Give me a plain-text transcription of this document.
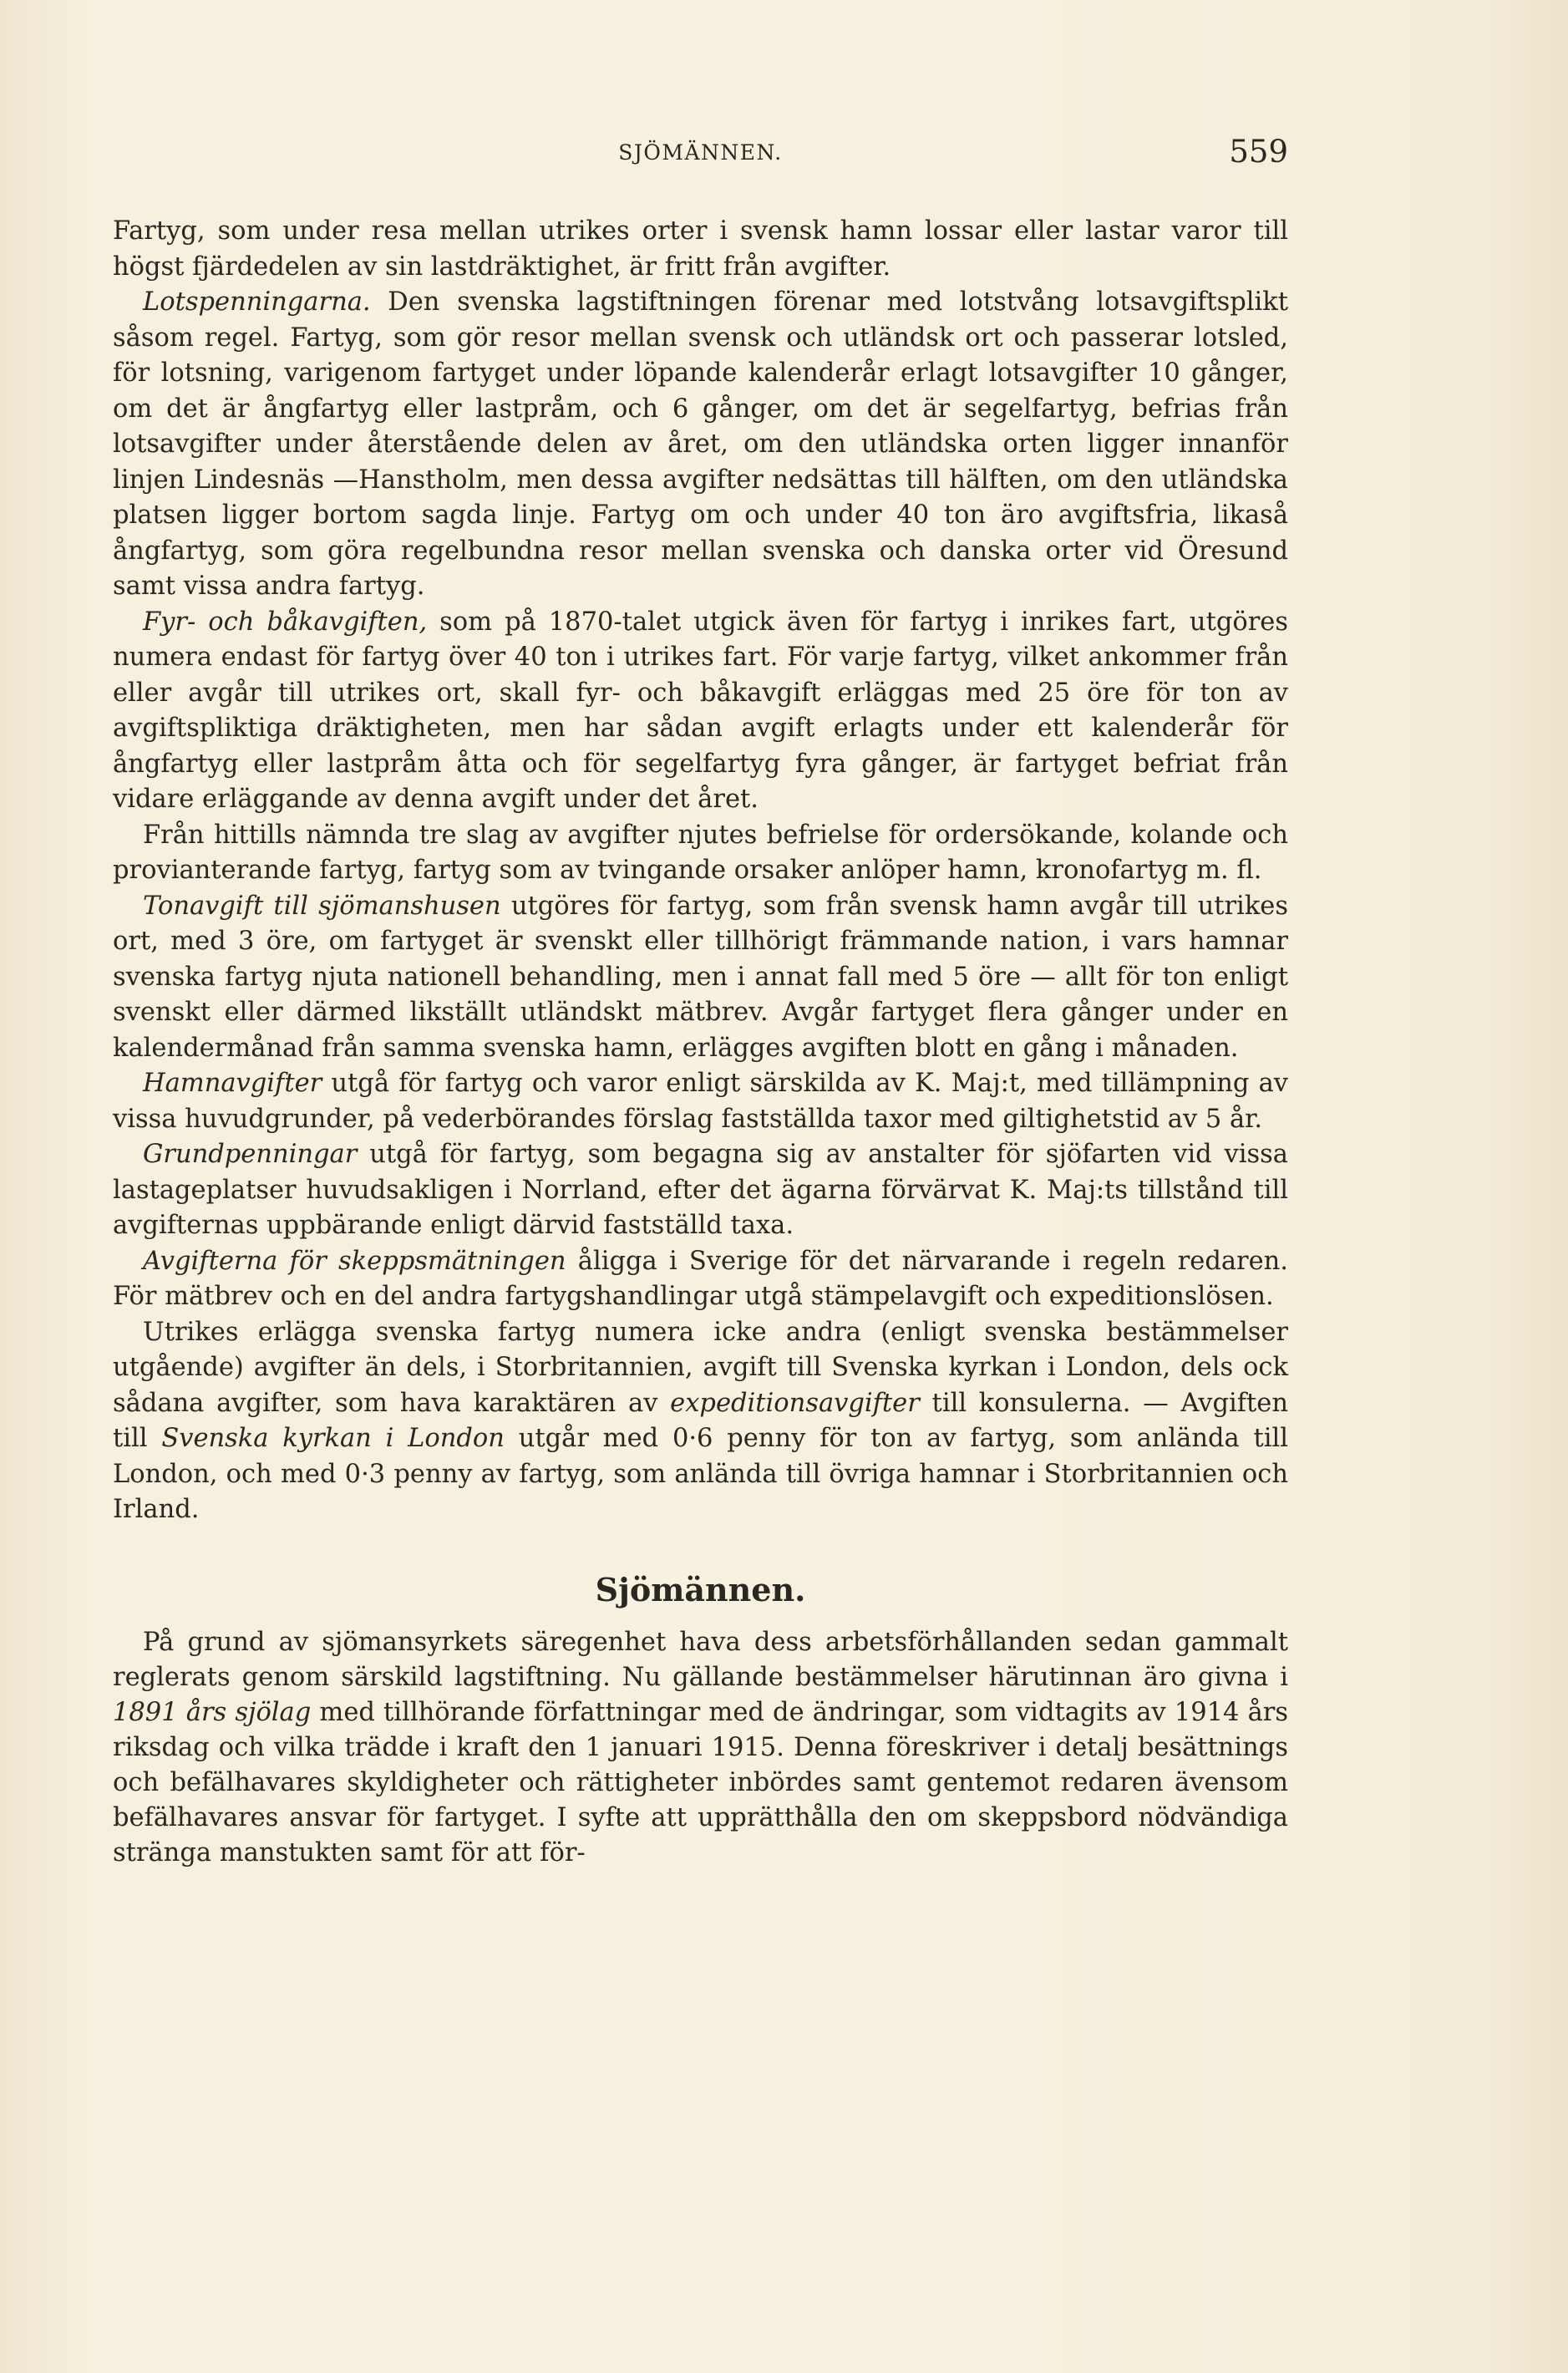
SJÖMÄNNEN.	559

Fartyg, som under resa mellan utrikes orter i svensk hamn lossar eller lastar varor till högst fjärdedelen av sin lastdräktighet, är fritt från avgifter.

Lotspenningarna. Den svenska lagstiftningen förenar med lotstvång lotsavgiftsplikt såsom regel. Fartyg, som gör resor mellan svensk och utländsk ort och passerar lotsled, för lotsning, varigenom fartyget under löpande kalenderår erlagt lotsavgifter 10 gånger, om det är ångfartyg eller lastpråm, och 6 gånger, om det är segelfartyg, befrias från lotsavgifter under återstående delen av året, om den utländska orten ligger innanför linjen Lindesnäs —Hanstholm, men dessa avgifter nedsättas till hälften, om den utländska platsen ligger bortom sagda linje. Fartyg om och under 40 ton äro avgiftsfria, likaså ångfartyg, som göra regelbundna resor mellan svenska och danska orter vid Öresund samt vissa andra fartyg.

Fyr- och båkavgiften, som på 1870-talet utgick även för fartyg i inrikes fart, utgöres numera endast för fartyg över 40 ton i utrikes fart. För varje fartyg, vilket ankommer från eller avgår till utrikes ort, skall fyr- och båkavgift erläggas med 25 öre för ton av avgiftspliktiga dräktigheten, men har sådan avgift erlagts under ett kalenderår för ångfartyg eller lastpråm åtta och för segelfartyg fyra gånger, är fartyget befriat från vidare erläggande av denna avgift under det året.

Från hittills nämnda tre slag av avgifter njutes befrielse för ordersökande, kolande och provianterande fartyg, fartyg som av tvingande orsaker anlöper hamn, kronofartyg m. fl.

Tonavgift till sjömanshusen utgöres för fartyg, som från svensk hamn avgår till utrikes ort, med 3 öre, om fartyget är svenskt eller tillhörigt främmande nation, i vars hamnar svenska fartyg njuta nationell behandling, men i annat fall med 5 öre — allt för ton enligt svenskt eller därmed likställt utländskt mätbrev. Avgår fartyget flera gånger under en kalendermånad från samma svenska hamn, erlägges avgiften blott en gång i månaden.

Hamnavgifter utgå för fartyg och varor enligt särskilda av K. Maj:t, med tillämpning av vissa huvudgrunder, på vederbörandes förslag fastställda taxor med giltighetstid av 5 år.

Grundpenningar utgå för fartyg, som begagna sig av anstalter för sjöfarten vid vissa lastageplatser huvudsakligen i Norrland, efter det ägarna förvärvat K. Maj:ts tillstånd till avgifternas uppbärande enligt därvid fastställd taxa.

Avgifterna för skeppsmätningen åligga i Sverige för det närvarande i regeln redaren. För mätbrev och en del andra fartygshandlingar utgå stämpelavgift och expeditionslösen.

Utrikes erlägga svenska fartyg numera icke andra (enligt svenska bestämmelser utgående) avgifter än dels, i Storbritannien, avgift till Svenska kyrkan i London, dels ock sådana avgifter, som hava karaktären av expeditionsavgifter till konsulerna. — Avgiften till Svenska kyrkan i London utgår med 0·6 penny för ton av fartyg, som anlända till London, och med 0·3 penny av fartyg, som anlända till övriga hamnar i Storbritannien och Irland.

Sjömännen.

På grund av sjömansyrkets säregenhet hava dess arbetsförhållanden sedan gammalt reglerats genom särskild lagstiftning. Nu gällande bestämmelser härutinnan äro givna i 1891 års sjölag med tillhörande författningar med de ändringar, som vidtagits av 1914 års riksdag och vilka trädde i kraft den 1 januari 1915. Denna föreskriver i detalj besättnings och befälhavares skyldigheter och rättigheter inbördes samt gentemot redaren ävensom befälhavares ansvar för fartyget. I syfte att upprätthålla den om skeppsbord nödvändiga stränga manstukten samt för att för-
